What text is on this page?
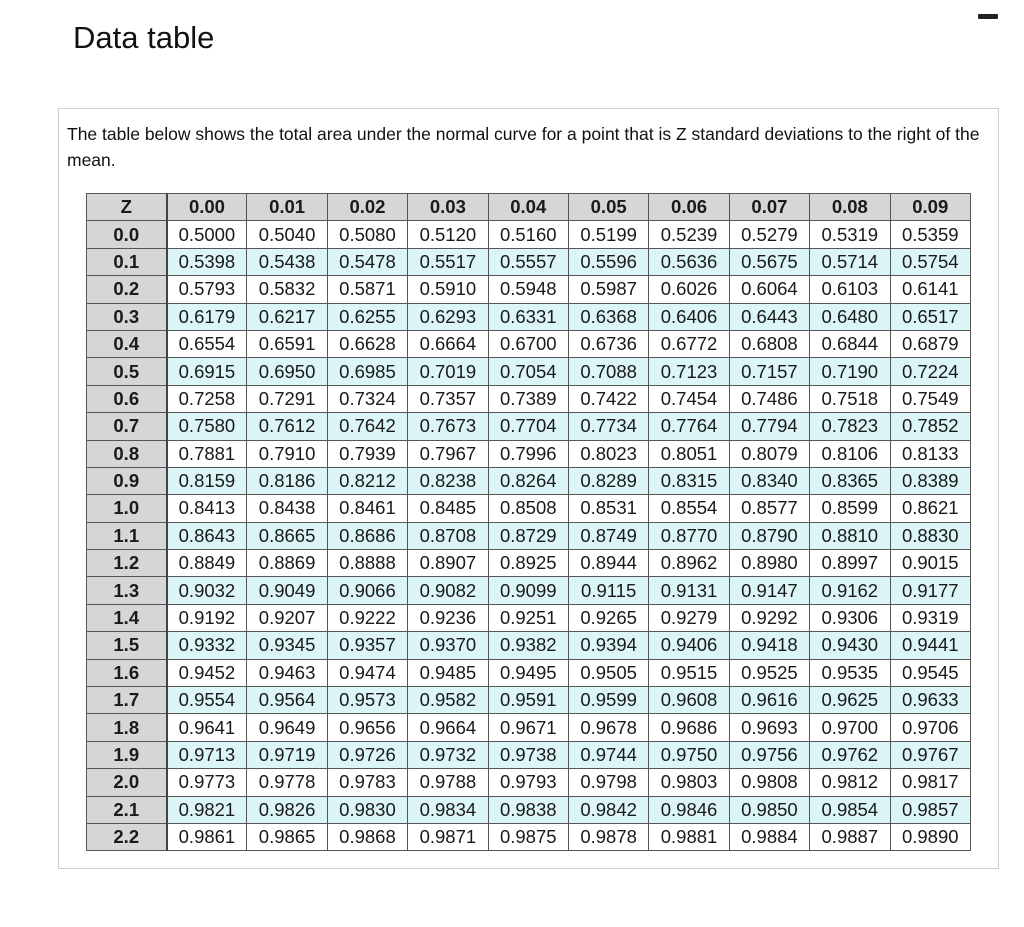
Data table

The table below shows the total area under the normal curve for a point that is Z standard deviations to the right of the mean.

Z	0.00	0.01	0.02	0.03	0.04	0.05	0.06	0.07	0.08	0.09
0.0	0.5000	0.5040	0.5080	0.5120	0.5160	0.5199	0.5239	0.5279	0.5319	0.5359
0.1	0.5398	0.5438	0.5478	0.5517	0.5557	0.5596	0.5636	0.5675	0.5714	0.5754
0.2	0.5793	0.5832	0.5871	0.5910	0.5948	0.5987	0.6026	0.6064	0.6103	0.6141
0.3	0.6179	0.6217	0.6255	0.6293	0.6331	0.6368	0.6406	0.6443	0.6480	0.6517
0.4	0.6554	0.6591	0.6628	0.6664	0.6700	0.6736	0.6772	0.6808	0.6844	0.6879
0.5	0.6915	0.6950	0.6985	0.7019	0.7054	0.7088	0.7123	0.7157	0.7190	0.7224
0.6	0.7258	0.7291	0.7324	0.7357	0.7389	0.7422	0.7454	0.7486	0.7518	0.7549
0.7	0.7580	0.7612	0.7642	0.7673	0.7704	0.7734	0.7764	0.7794	0.7823	0.7852
0.8	0.7881	0.7910	0.7939	0.7967	0.7996	0.8023	0.8051	0.8079	0.8106	0.8133
0.9	0.8159	0.8186	0.8212	0.8238	0.8264	0.8289	0.8315	0.8340	0.8365	0.8389
1.0	0.8413	0.8438	0.8461	0.8485	0.8508	0.8531	0.8554	0.8577	0.8599	0.8621
1.1	0.8643	0.8665	0.8686	0.8708	0.8729	0.8749	0.8770	0.8790	0.8810	0.8830
1.2	0.8849	0.8869	0.8888	0.8907	0.8925	0.8944	0.8962	0.8980	0.8997	0.9015
1.3	0.9032	0.9049	0.9066	0.9082	0.9099	0.9115	0.9131	0.9147	0.9162	0.9177
1.4	0.9192	0.9207	0.9222	0.9236	0.9251	0.9265	0.9279	0.9292	0.9306	0.9319
1.5	0.9332	0.9345	0.9357	0.9370	0.9382	0.9394	0.9406	0.9418	0.9430	0.9441
1.6	0.9452	0.9463	0.9474	0.9485	0.9495	0.9505	0.9515	0.9525	0.9535	0.9545
1.7	0.9554	0.9564	0.9573	0.9582	0.9591	0.9599	0.9608	0.9616	0.9625	0.9633
1.8	0.9641	0.9649	0.9656	0.9664	0.9671	0.9678	0.9686	0.9693	0.9700	0.9706
1.9	0.9713	0.9719	0.9726	0.9732	0.9738	0.9744	0.9750	0.9756	0.9762	0.9767
2.0	0.9773	0.9778	0.9783	0.9788	0.9793	0.9798	0.9803	0.9808	0.9812	0.9817
2.1	0.9821	0.9826	0.9830	0.9834	0.9838	0.9842	0.9846	0.9850	0.9854	0.9857
2.2	0.9861	0.9865	0.9868	0.9871	0.9875	0.9878	0.9881	0.9884	0.9887	0.9890
